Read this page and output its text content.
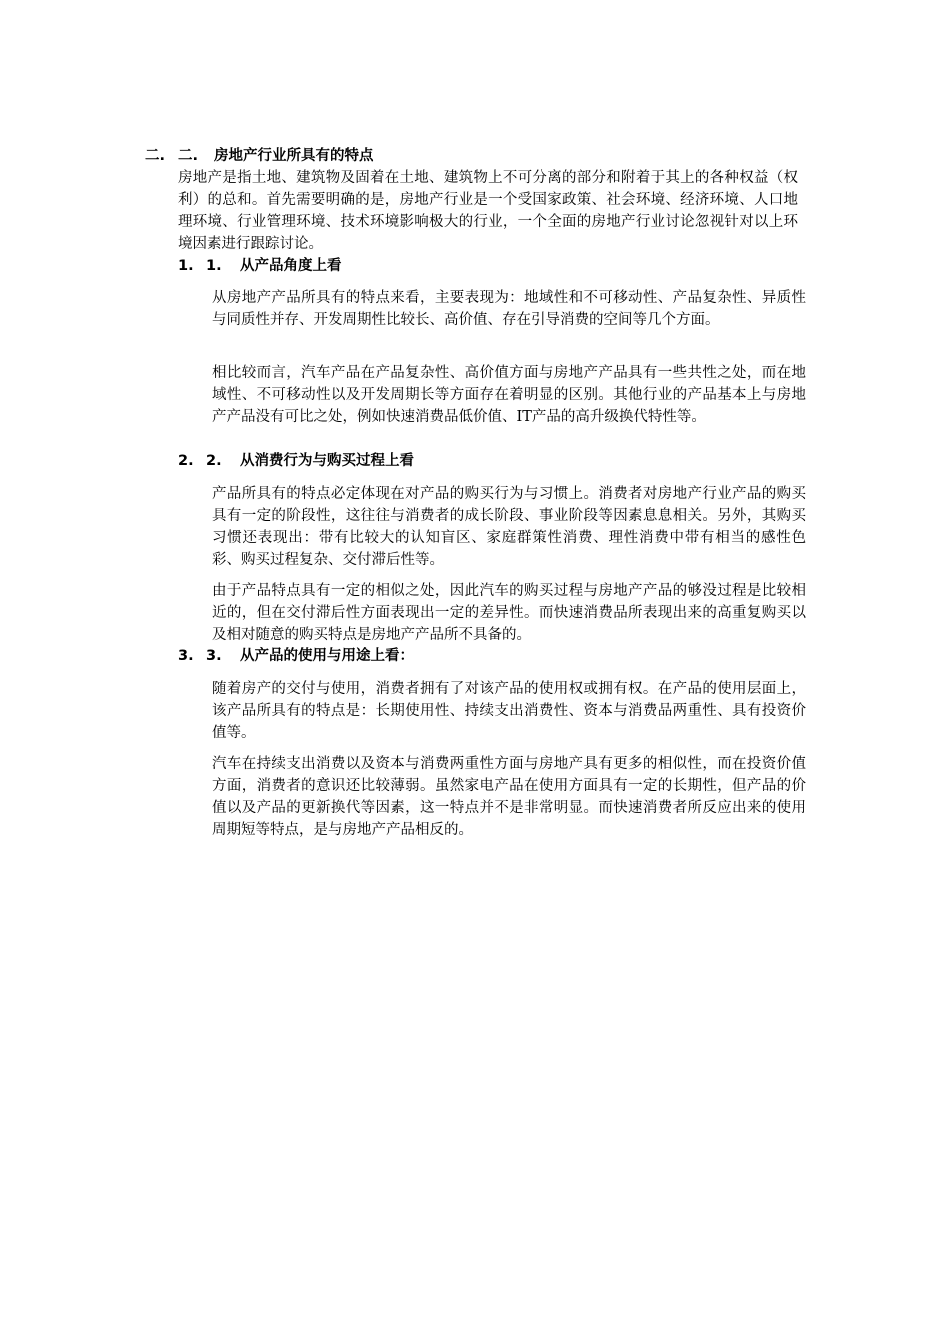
二. 二. 房地产行业所具有的特点

房地产是指土地、建筑物及固着在土地、建筑物上不可分离的部分和附着于其上的各种权益（权利）的总和。首先需要明确的是，房地产行业是一个受国家政策、社会环境、经济环境、人口地理环境、行业管理环境、技术环境影响极大的行业，一个全面的房地产行业讨论忽视针对以上环境因素进行跟踪讨论。

1. 1. 从产品角度上看

从房地产产品所具有的特点来看，主要表现为：地域性和不可移动性、产品复杂性、异质性与同质性并存、开发周期性比较长、高价值、存在引导消费的空间等几个方面。

相比较而言，汽车产品在产品复杂性、高价值方面与房地产产品具有一些共性之处，而在地域性、不可移动性以及开发周期长等方面存在着明显的区别。其他行业的产品基本上与房地产产品没有可比之处，例如快速消费品低价值、IT产品的高升级换代特性等。

2. 2. 从消费行为与购买过程上看

产品所具有的特点必定体现在对产品的购买行为与习惯上。消费者对房地产行业产品的购买具有一定的阶段性，这往往与消费者的成长阶段、事业阶段等因素息息相关。另外，其购买习惯还表现出：带有比较大的认知盲区、家庭群策性消费、理性消费中带有相当的感性色彩、购买过程复杂、交付滞后性等。

由于产品特点具有一定的相似之处，因此汽车的购买过程与房地产产品的够没过程是比较相近的，但在交付滞后性方面表现出一定的差异性。而快速消费品所表现出来的高重复购买以及相对随意的购买特点是房地产产品所不具备的。

3. 3. 从产品的使用与用途上看：

随着房产的交付与使用，消费者拥有了对该产品的使用权或拥有权。在产品的使用层面上，该产品所具有的特点是：长期使用性、持续支出消费性、资本与消费品两重性、具有投资价值等。

汽车在持续支出消费以及资本与消费两重性方面与房地产具有更多的相似性，而在投资价值方面，消费者的意识还比较薄弱。虽然家电产品在使用方面具有一定的长期性，但产品的价值以及产品的更新换代等因素，这一特点并不是非常明显。而快速消费者所反应出来的使用周期短等特点，是与房地产产品相反的。
